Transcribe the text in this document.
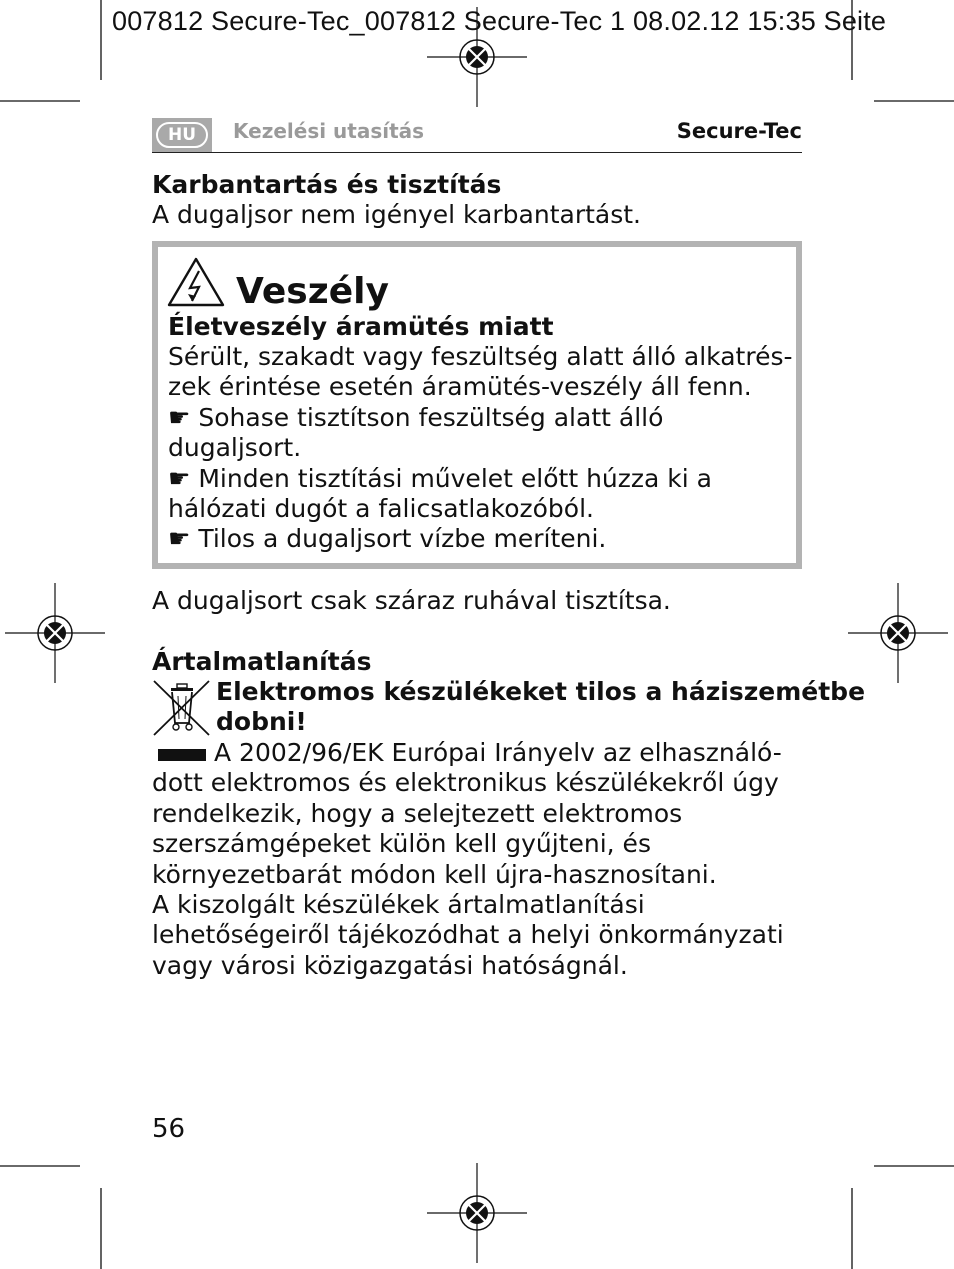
007812 Secure-Tec_007812 Secure-Tec 1 08.02.12 15:35 Seite
HU	Kezelési utasítás	Secure-Tec
Karbantartás és tisztítás
A dugaljsor nem igényel karbantartást.
Veszély
Életveszély áramütés miatt
Sérült, szakadt vagy feszültség alatt álló alkatrés-
zek érintése esetén áramütés-veszély áll fenn.
☛ Sohase tisztítson feszültség alatt álló
dugaljsort.
☛ Minden tisztítási művelet előtt húzza ki a
hálózati dugót a falicsatlakozóból.
☛ Tilos a dugaljsort vízbe meríteni.
A dugaljsort csak száraz ruhával tisztítsa.
Ártalmatlanítás
Elektromos készülékeket tilos a háziszemétbe
dobni!
A 2002/96/EK Európai Irányelv az elhasználó-
dott elektromos és elektronikus készülékekről úgy
rendelkezik, hogy a selejtezett elektromos
szerszámgépeket külön kell gyűjteni, és
környezetbarát módon kell újra-hasznosítani.
A kiszolgált készülékek ártalmatlanítási
lehetőségeiről tájékozódhat a helyi önkormányzati
vagy városi közigazgatási hatóságnál.
56
